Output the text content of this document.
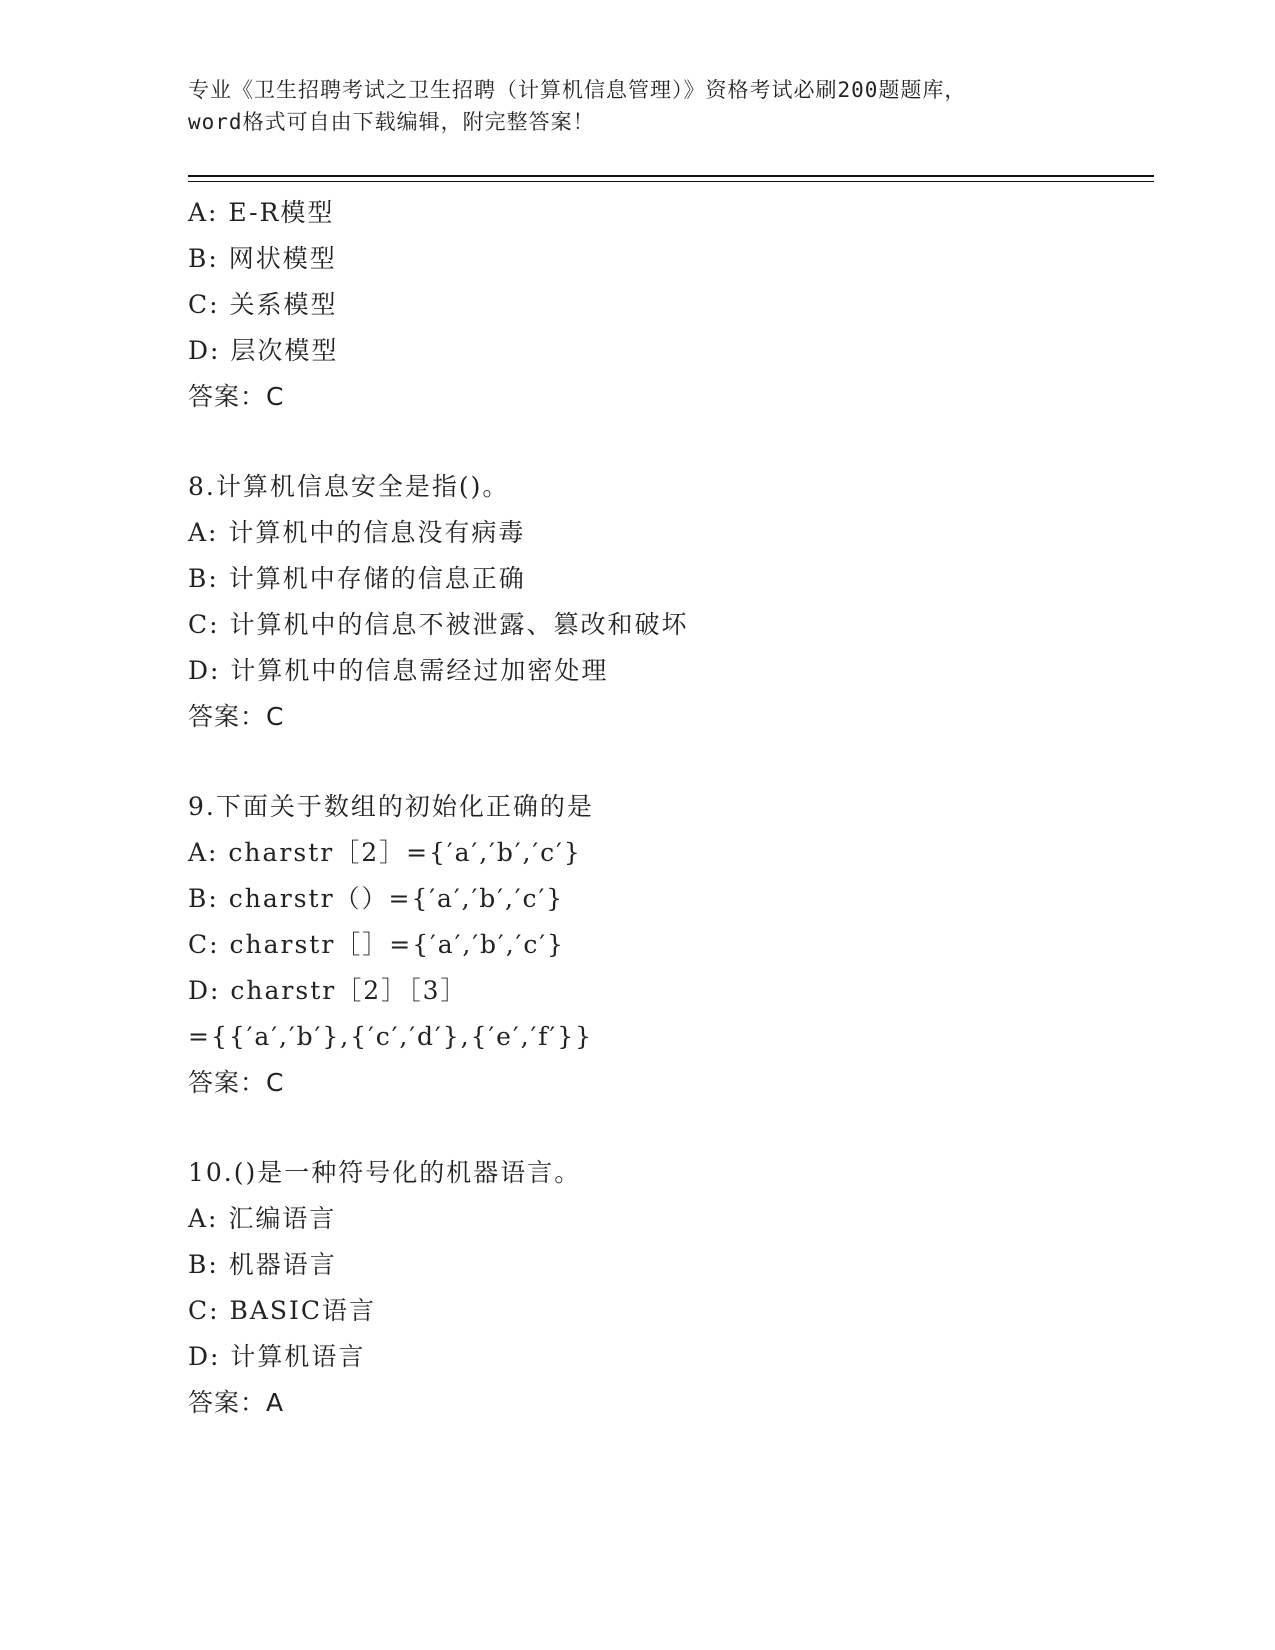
专业《卫生招聘考试之卫生招聘（计算机信息管理）》资格考试必刷200题题库，

word格式可自由下载编辑，附完整答案！

A: E-R模型
B: 网状模型
C: 关系模型
D: 层次模型
答案：C
8.计算机信息安全是指()。
A: 计算机中的信息没有病毒
B: 计算机中存储的信息正确
C: 计算机中的信息不被泄露、篡改和破坏
D: 计算机中的信息需经过加密处理
答案：C
9.下面关于数组的初始化正确的是
A: charstr［2］={′a′,′b′,′c′}
B: charstr（）={′a′,′b′,′c′}
C: charstr［］={′a′,′b′,′c′}
D: charstr［2］［3］
={{′a′,′b′},{′c′,′d′},{′e′,′f′}}
答案：C
10.()是一种符号化的机器语言。
A: 汇编语言
B: 机器语言
C: BASIC语言
D: 计算机语言
答案：A
